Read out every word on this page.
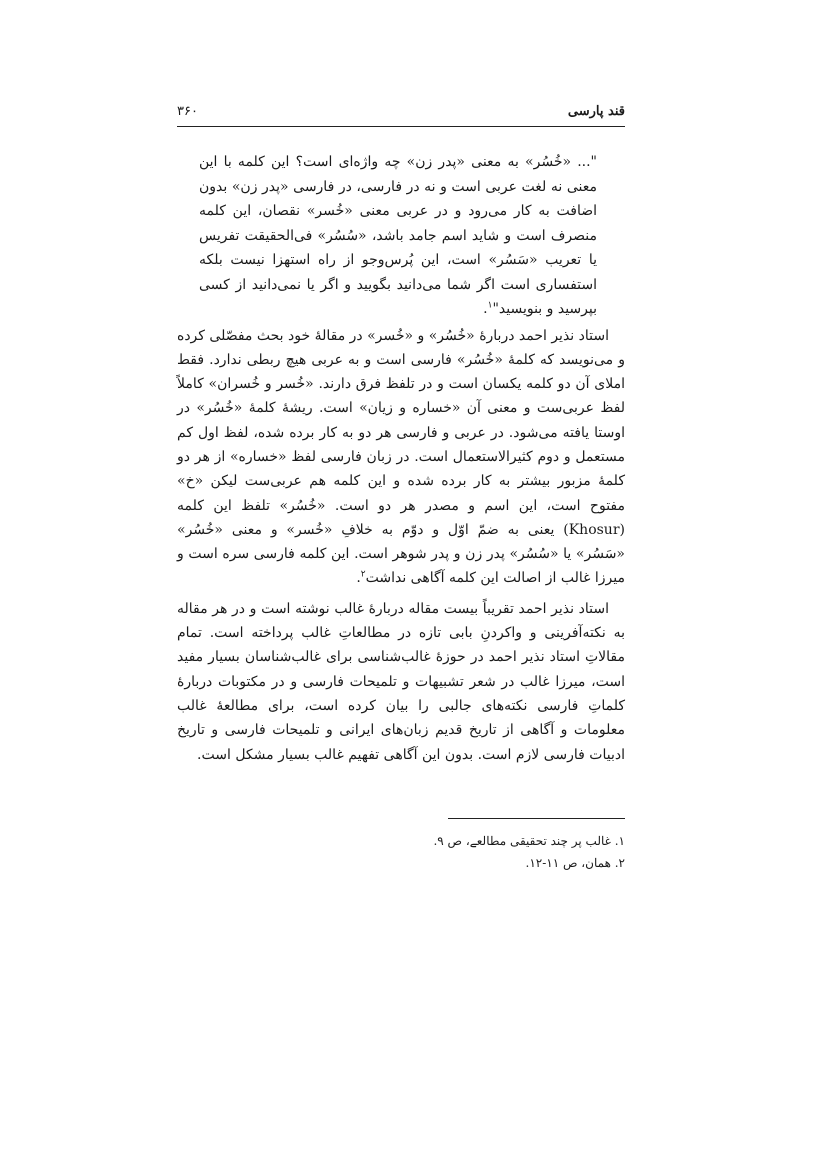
قند پارسی
۳۶۰

"... «خُسُر» به معنی «پدر زن» چه واژه‌ای است؟ این کلمه با این معنی نه لغت عربی است و نه در فارسی، در فارسی «پدر زن» بدون اضافت به کار می‌رود و در عربی معنی «خُسر» نقصان، این کلمه منصرف است و شاید اسم جامد باشد، «سُسُر» فی‌الحقیقت تفریس یا تعریب «سَسُر» است، این پُرس‌وجو از راه استهزا نیست بلکه استفساری است اگر شما می‌دانید بگویید و اگر یا نمی‌دانید از کسی بپرسید و بنویسید"$^۱$.

استاد نذیر احمد دربارهٔ «خُسُر» و «خُسر» در مقالهٔ خود بحث مفصّلی کرده و می‌نویسد که کلمهٔ «خُسُر» فارسی است و به عربی هیچ ربطی ندارد. فقط املای آن دو کلمه یکسان است و در تلفظ فرق دارند. «خُسر و خُسران» کاملاً لفظ عربی‌ست و معنی آن «خساره و زیان» است. ریشهٔ کلمهٔ «خُسُر» در اوستا یافته می‌شود. در عربی و فارسی هر دو به کار برده شده، لفظ اول کم مستعمل و دوم کثیرالاستعمال است. در زبان فارسی لفظ «خساره» از هر دو کلمهٔ مزبور بیشتر به کار برده شده و این کلمه هم عربی‌ست لیکن «خ» مفتوح است، این اسم و مصدر هر دو است. «خُسُر» تلفظ این کلمه (Khosur) یعنی به ضمّ اوّل و دوّم به خلافِ «خُسر» و معنی «خُسُر» «سَسُر» یا «سُسُر» پدر زن و پدر شوهر است. این کلمه فارسی سره است و میرزا غالب از اصالت این کلمه آگاهی نداشت$^۲$.

استاد نذیر احمد تقریباً بیست مقاله دربارهٔ غالب نوشته است و در هر مقاله به نکته‌آفرینی و واکردنِ بابی تازه در مطالعاتِ غالب پرداخته است. تمام مقالاتِ استاد نذیر احمد در حوزهٔ غالب‌شناسی برای غالب‌شناسان بسیار مفید است، میرزا غالب در شعر تشبیهات و تلمیحات فارسی و در مکتوبات دربارهٔ کلماتِ فارسی نکته‌های جالبی را بیان کرده است، برای مطالعهٔ غالب معلومات و آگاهی از تاریخ قدیم زبان‌های ایرانی و تلمیحات فارسی و تاریخ ادبیات فارسی لازم است. بدون این آگاهی تفهیم غالب بسیار مشکل است.

۱. غالب پر چند تحقیقی مطالعے، ص ۹.

۲. همان، ص ۱۱-۱۲.
